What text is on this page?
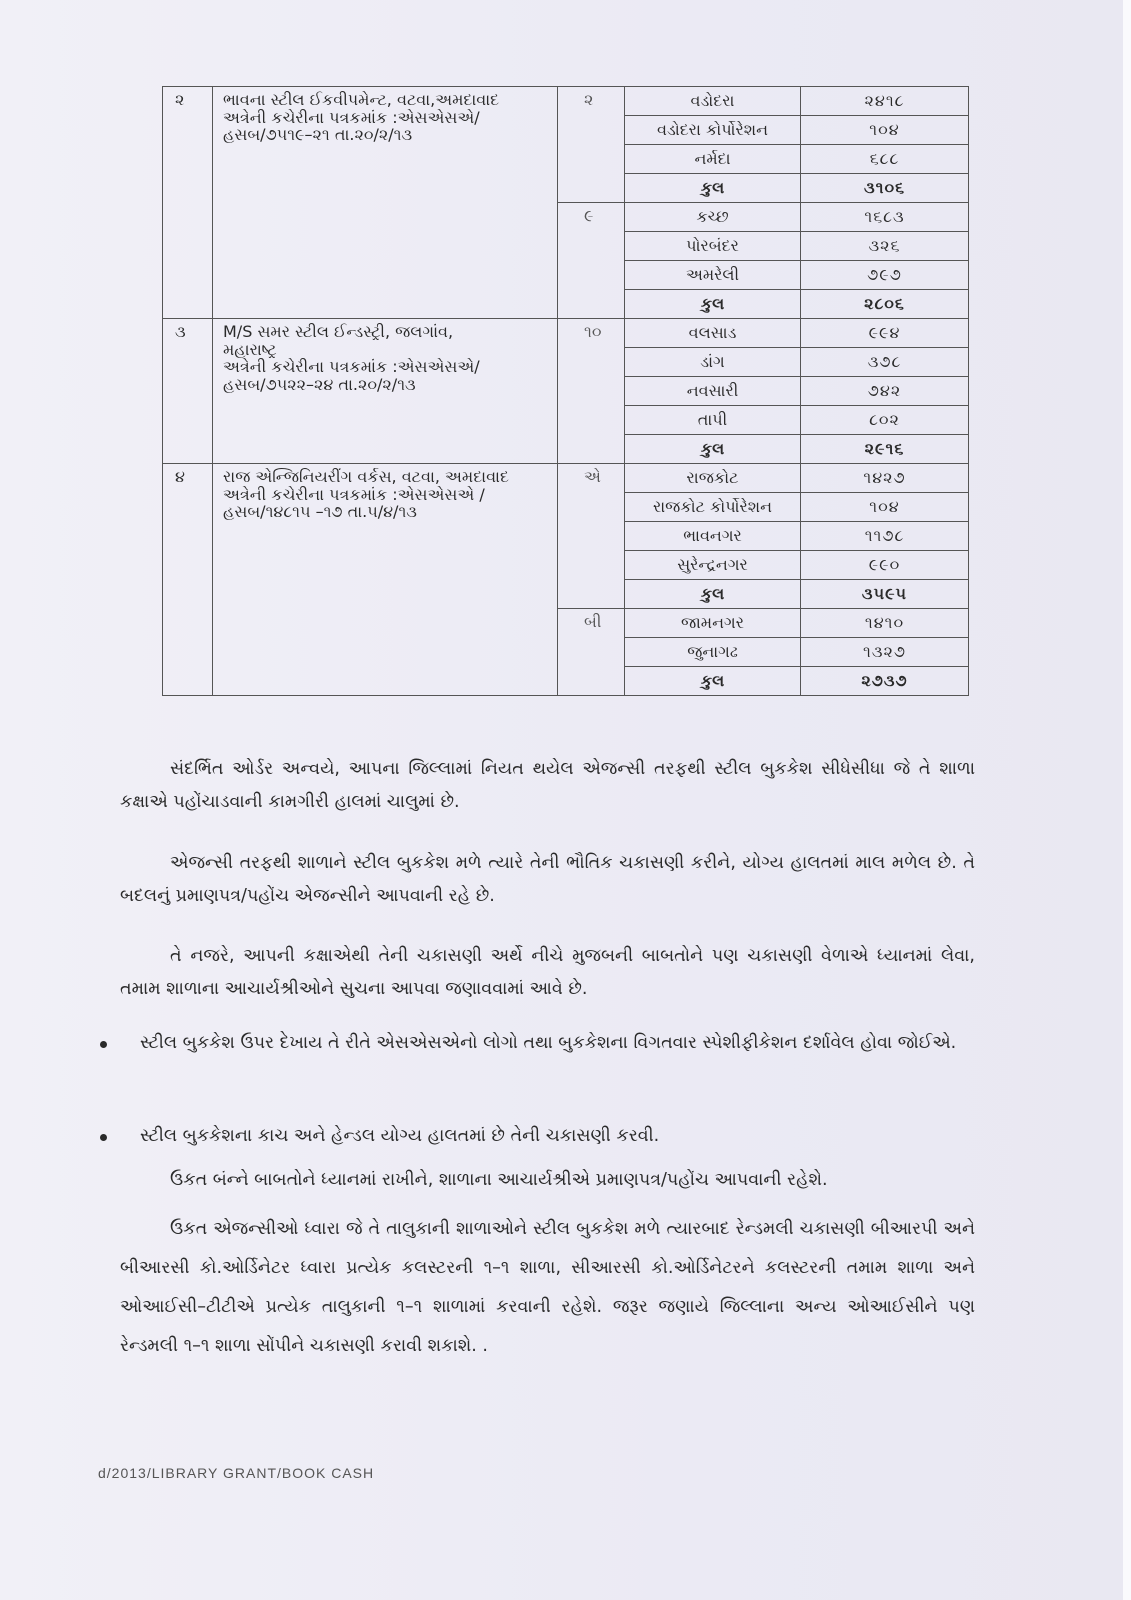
૨	ભાવના સ્ટીલ ઈકવીપમેન્ટ, વટવા,અમદાવાદ
અત્રેની કચેરીના પત્રકમાંક :એસએસએ/
હસબ/૭૫૧૯–૨૧ તા.૨૦/૨/૧૩	૨	વડોદરા	૨૪૧૮
			વડોદરા કોર્પોરેશન	૧૦૪
			નર્મદા	૬૮૮
			કુલ	૩૧૦૬
		૯	કચ્છ	૧૬૮૩
			પોરબંદર	૩૨૬
			અમરેલી	૭૯૭
			કુલ	૨૮૦૬
૩	M/S સમર સ્ટીલ ઈન્ડસ્ટ્રી, જલગાંવ,
મહારાષ્ટ્ર
અત્રેની કચેરીના પત્રકમાંક :એસએસએ/
હસબ/૭૫૨૨–૨૪ તા.૨૦/૨/૧૩	૧૦	વલસાડ	૯૯૪
			ડાંગ	૩૭૮
			નવસારી	૭૪૨
			તાપી	૮૦૨
			કુલ	૨૯૧૬
૪	રાજ એન્જિનિયરીંગ વર્કસ, વટવા, અમદાવાદ
અત્રેની કચેરીના પત્રકમાંક :એસએસએ /
હસબ/૧૪૮૧૫ –૧૭ તા.૫/૪/૧૩	એ	રાજકોટ	૧૪૨૭
			રાજકોટ કોર્પોરેશન	૧૦૪
			ભાવનગર	૧૧૭૮
			સુરેન્દ્રનગર	૯૯૦
			કુલ	૩૫૯૫
		બી	જામનગર	૧૪૧૦
			જુનાગઢ	૧૩૨૭
			કુલ	૨૭૩૭

સંદર્ભિત ઓર્ડર અન્વયે, આપના જિલ્લામાં નિયત થયેલ એજન્સી તરફથી સ્ટીલ બુકકેશ સીધેસીધા જે તે શાળા કક્ષાએ પહોંચાડવાની કામગીરી હાલમાં ચાલુમાં છે.

એજન્સી તરફથી શાળાને સ્ટીલ બુકકેશ મળે ત્યારે તેની ભૌતિક ચકાસણી કરીને, યોગ્ય હાલતમાં માલ મળેલ છે. તે બદલનું પ્રમાણપત્ર/પહોંચ એજન્સીને આપવાની રહે છે.

તે નજરે, આપની કક્ષાએથી તેની ચકાસણી અર્થે નીચે મુજબની બાબતોને પણ ચકાસણી વેળાએ ધ્યાનમાં લેવા, તમામ શાળાના આચાર્યશ્રીઓને સુચના આપવા જણાવવામાં આવે છે.

સ્ટીલ બુકકેશ ઉપર દેખાય તે રીતે એસએસએનો લોગો તથા બુકકેશના વિગતવાર સ્પેશીફીકેશન દર્શાવેલ હોવા જોઈએ.
સ્ટીલ બુકકેશના કાચ અને હેન્ડલ યોગ્ય હાલતમાં છે તેની ચકાસણી કરવી.

ઉકત બંન્ને બાબતોને ધ્યાનમાં રાખીને, શાળાના આચાર્યશ્રીએ પ્રમાણપત્ર/પહોંચ આપવાની રહેશે.

ઉકત એજન્સીઓ ધ્વારા જે તે તાલુકાની શાળાઓને સ્ટીલ બુકકેશ મળે ત્યારબાદ રેન્ડમલી ચકાસણી બીઆરપી અને બીઆરસી કો.ઓર્ડિનેટર ધ્વારા પ્રત્યેક કલસ્ટરની ૧–૧ શાળા, સીઆરસી કો.ઓર્ડિનેટરને કલસ્ટરની તમામ શાળા અને ઓઆઈસી–ટીટીએ પ્રત્યેક તાલુકાની ૧–૧ શાળામાં કરવાની રહેશે. જરૂર જણાયે જિલ્લાના અન્ય ઓઆઈસીને પણ રેન્ડમલી ૧–૧ શાળા સોંપીને ચકાસણી કરાવી શકાશે. .

d/2013/LIBRARY GRANT/BOOK CASH
